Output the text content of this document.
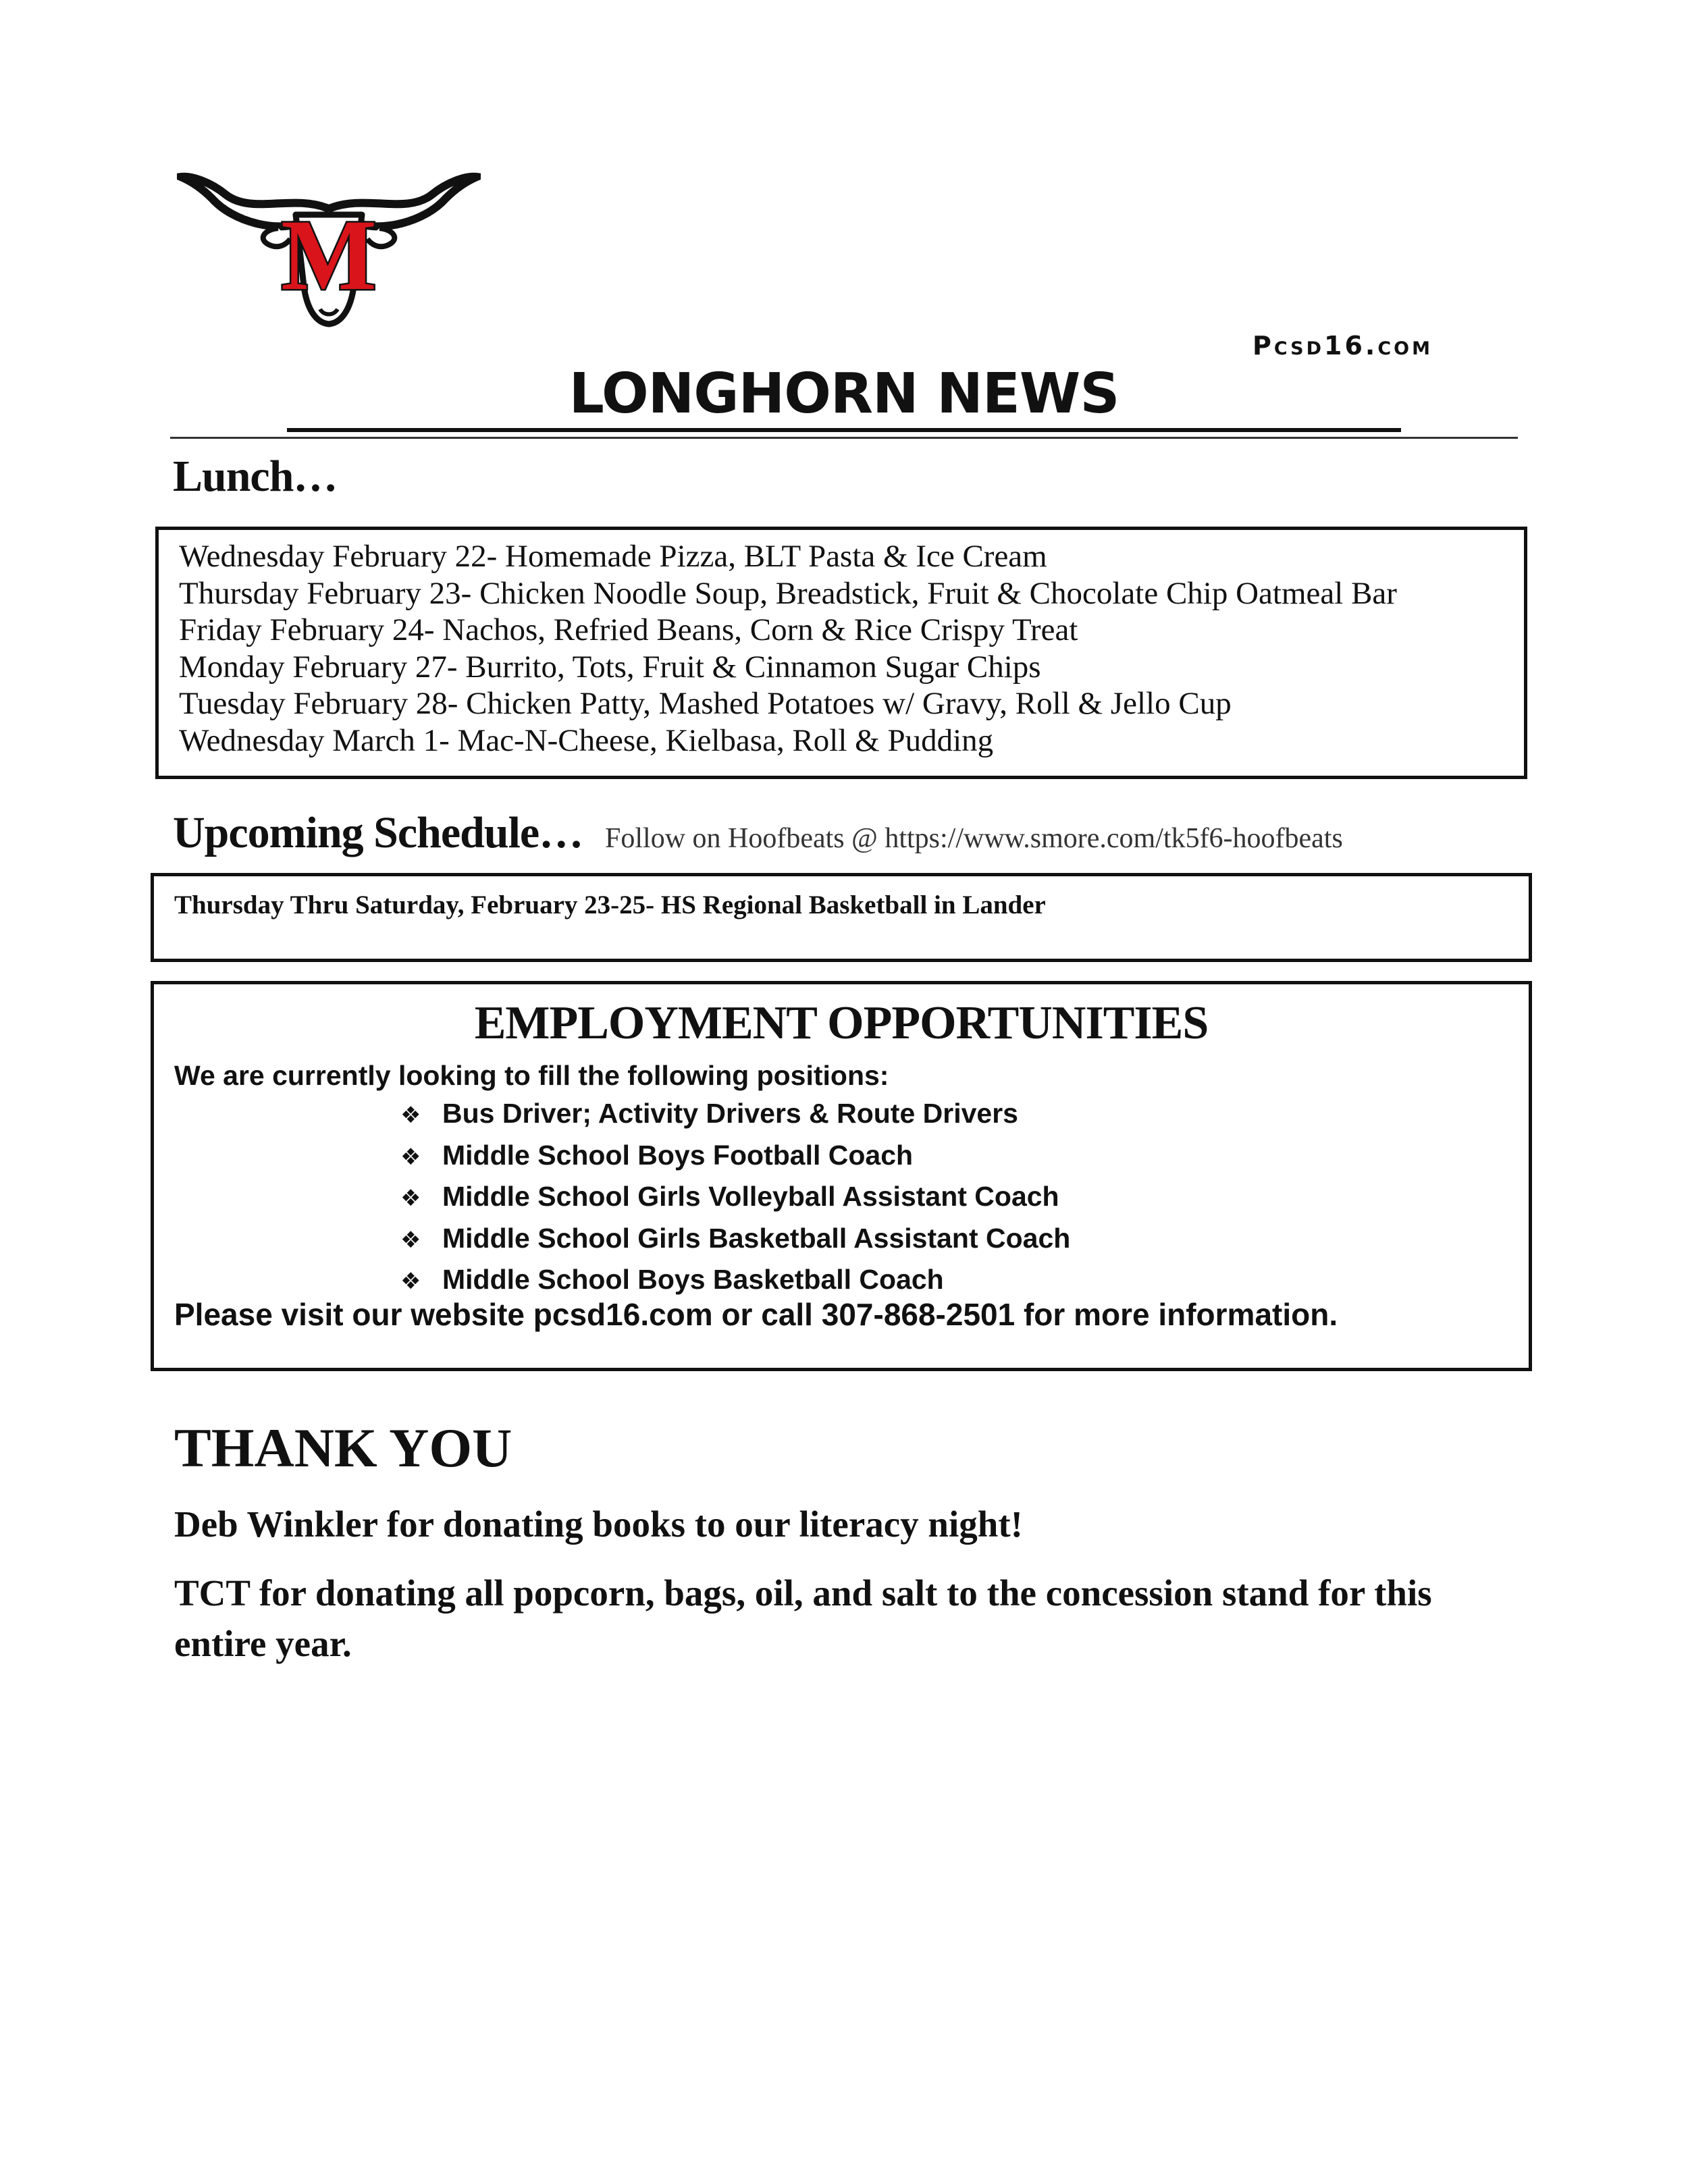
M
Pcsd16.com
LONGHORN NEWS
Lunch…
Wednesday February 22- Homemade Pizza, BLT Pasta & Ice Cream
Thursday February 23- Chicken Noodle Soup, Breadstick, Fruit & Chocolate Chip Oatmeal Bar
Friday February 24- Nachos, Refried Beans, Corn & Rice Crispy Treat
Monday February 27- Burrito, Tots, Fruit & Cinnamon Sugar Chips
Tuesday February 28- Chicken Patty, Mashed Potatoes w/ Gravy, Roll & Jello Cup
Wednesday March 1- Mac-N-Cheese, Kielbasa, Roll & Pudding
Upcoming Schedule… Follow on Hoofbeats @ https://www.smore.com/tk5f6-hoofbeats
Thursday Thru Saturday, February 23-25- HS Regional Basketball in Lander
EMPLOYMENT OPPORTUNITIES
We are currently looking to fill the following positions:
❖ Bus Driver; Activity Drivers & Route Drivers
❖ Middle School Boys Football Coach
❖ Middle School Girls Volleyball Assistant Coach
❖ Middle School Girls Basketball Assistant Coach
❖ Middle School Boys Basketball Coach
Please visit our website pcsd16.com or call 307-868-2501 for more information.
THANK YOU
Deb Winkler for donating books to our literacy night!
TCT for donating all popcorn, bags, oil, and salt to the concession stand for this entire year.
